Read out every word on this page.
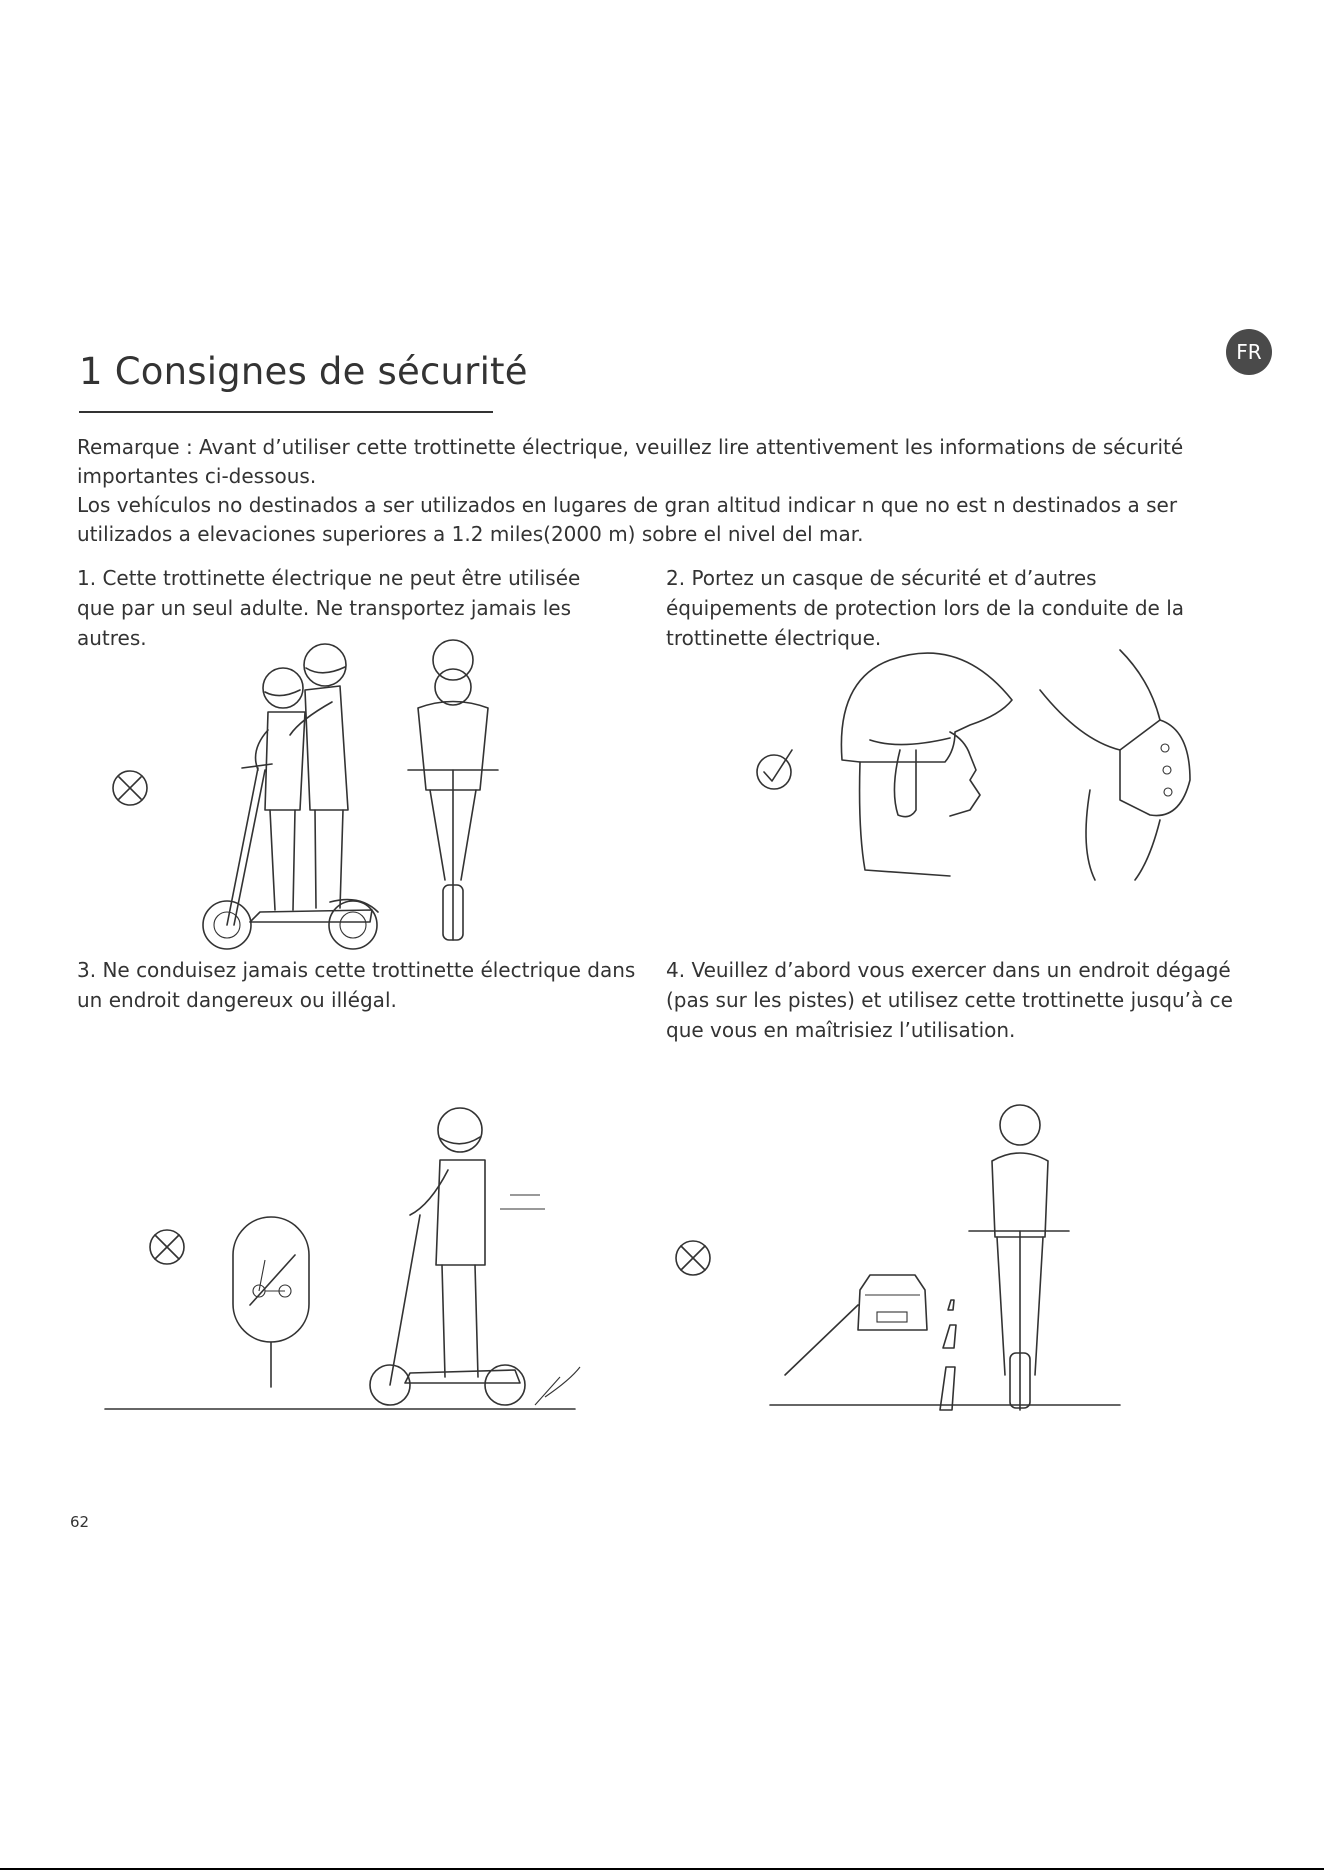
1 Consignes de sécurité	FR

Remarque : Avant d’utiliser cette trottinette électrique, veuillez lire attentivement les informations de sécurité importantes ci-dessous.

Los vehículos no destinados a ser utilizados en lugares de gran altitud indicar n que no est n destinados a ser utilizados a elevaciones superiores a 1.2 miles(2000 m) sobre el nivel del mar.

1. Cette trottinette électrique ne peut être utilisée que par un seul adulte. Ne transportez jamais les autres.
2. Portez un casque de sécurité et d’autres équipements de protection lors de la conduite de la trottinette électrique.
3. Ne conduisez jamais cette trottinette électrique dans un endroit dangereux ou illégal.
4. Veuillez d’abord vous exercer dans un endroit dégagé (pas sur les pistes) et utilisez cette trottinette jusqu’à ce que vous en maîtrisiez l’utilisation.
62
